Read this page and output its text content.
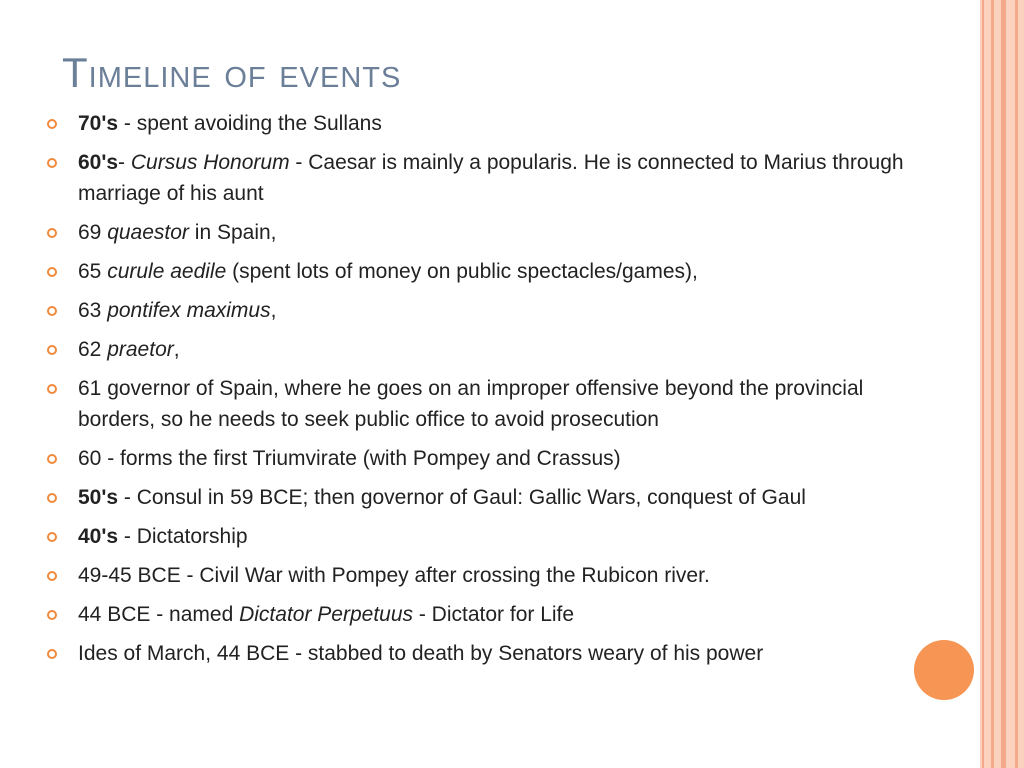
Timeline of events
70's - spent avoiding the Sullans
60's- Cursus Honorum - Caesar is mainly a popularis. He is connected to Marius through marriage of his aunt
69 quaestor in Spain,
65 curule aedile (spent lots of money on public spectacles/games),
63 pontifex maximus,
62 praetor,
61 governor of Spain, where he goes on an improper offensive beyond the provincial borders, so he needs to seek public office to avoid prosecution
60 - forms the first Triumvirate (with Pompey and Crassus)
50's - Consul in 59 BCE; then governor of Gaul: Gallic Wars, conquest of Gaul
40's - Dictatorship
49-45 BCE - Civil War with Pompey after crossing the Rubicon river.
44 BCE - named Dictator Perpetuus - Dictator for Life
Ides of March, 44 BCE - stabbed to death by Senators weary of his power
